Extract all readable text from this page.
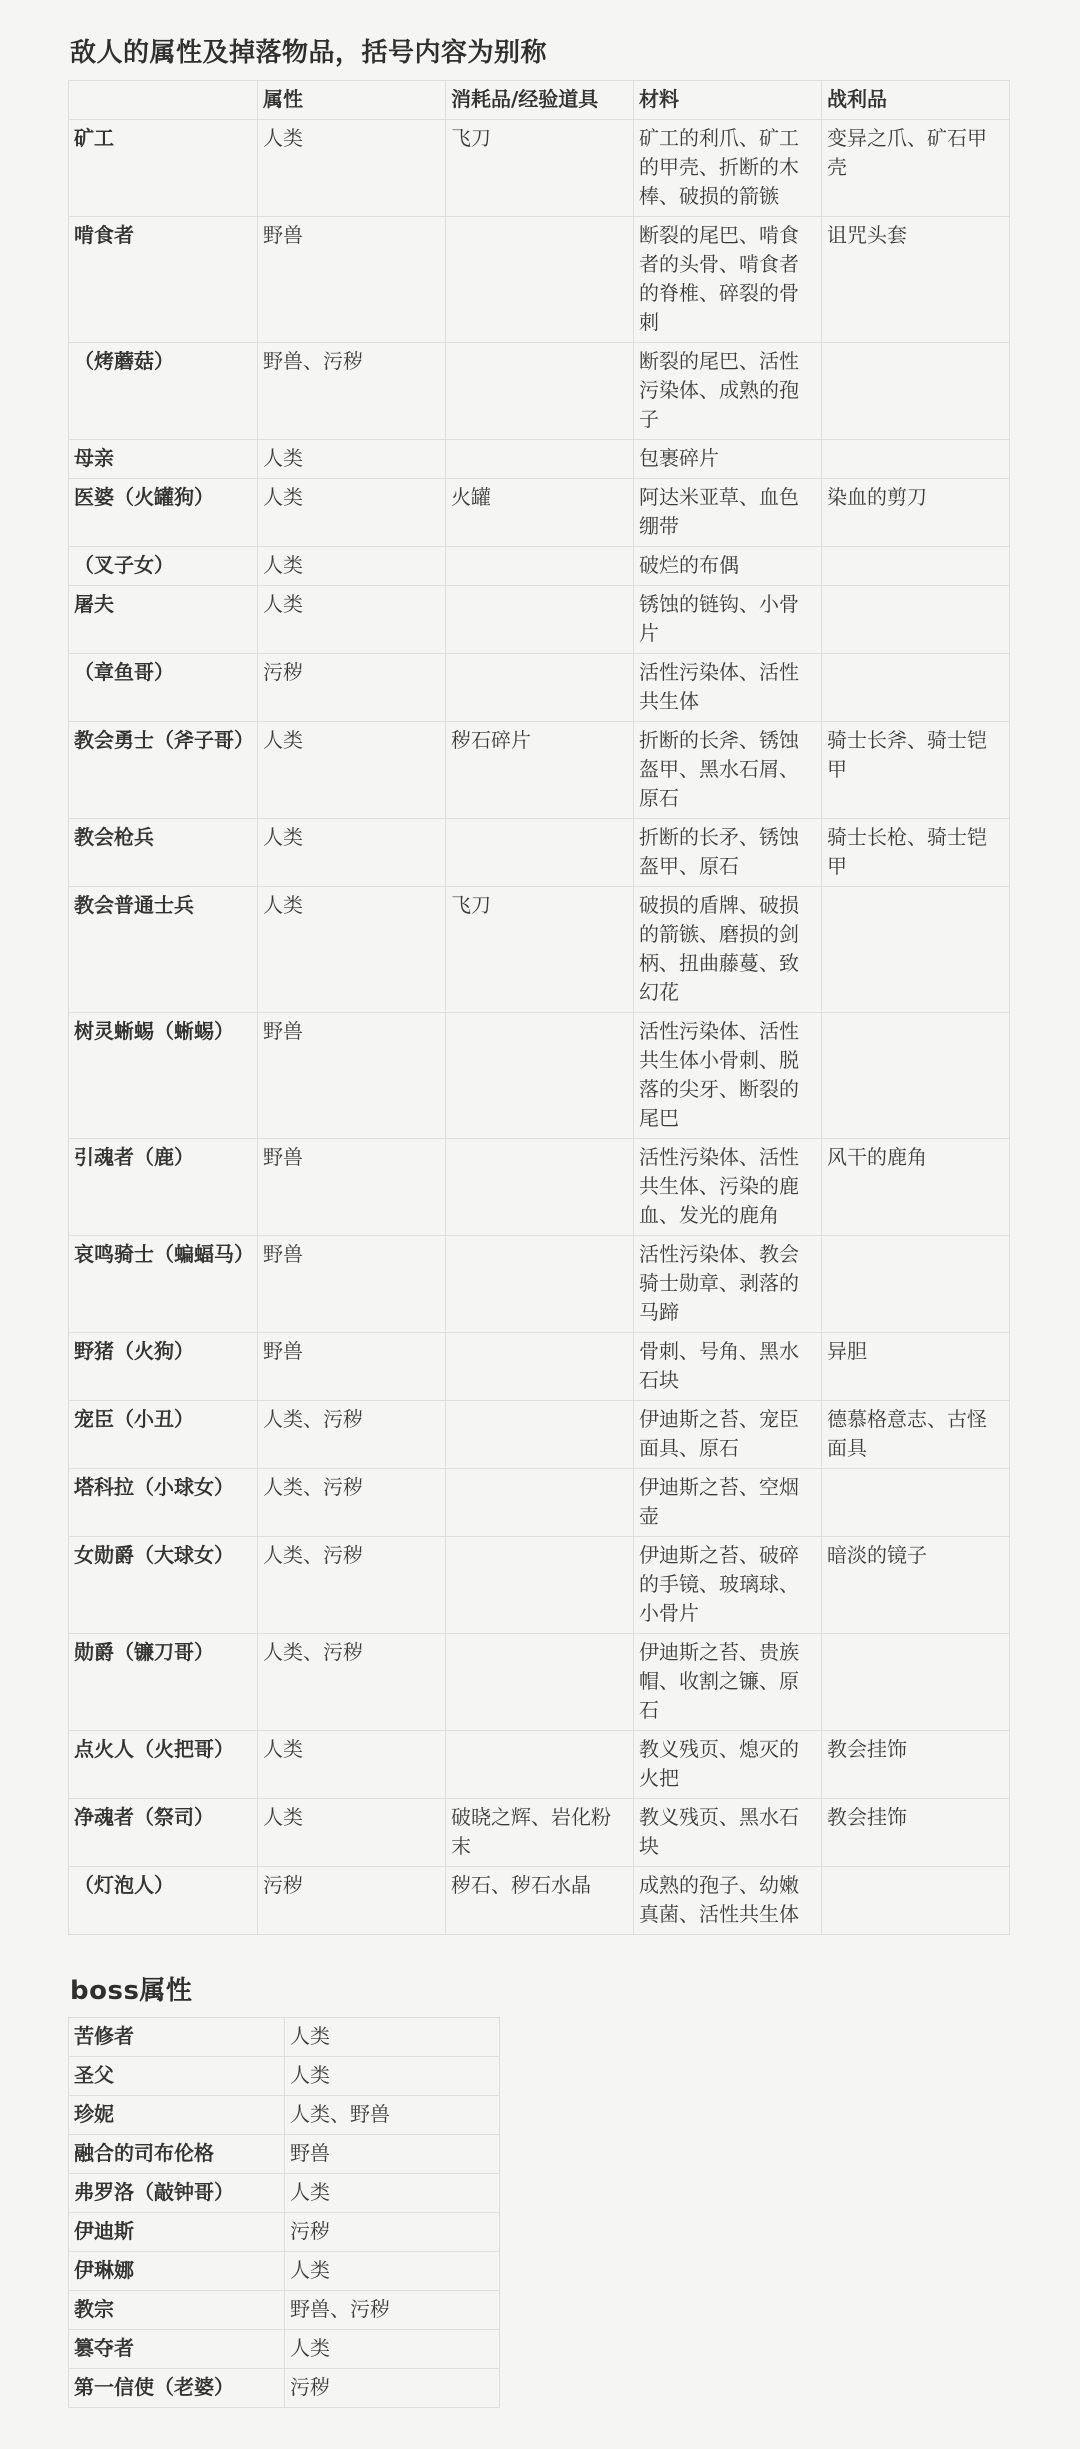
敌人的属性及掉落物品，括号内容为别称
	属性	消耗品/经验道具	材料	战利品
矿工	人类	飞刀	矿工的利爪、矿工的甲壳、折断的木棒、破损的箭镞	变异之爪、矿石甲壳
啃食者	野兽		断裂的尾巴、啃食者的头骨、啃食者的脊椎、碎裂的骨刺	诅咒头套
（烤蘑菇）	野兽、污秽		断裂的尾巴、活性污染体、成熟的孢子	
母亲	人类		包裹碎片	
医婆（火罐狗）	人类	火罐	阿达米亚草、血色绷带	染血的剪刀
（叉子女）	人类		破烂的布偶	
屠夫	人类		锈蚀的链钩、小骨片	
（章鱼哥）	污秽		活性污染体、活性共生体	
教会勇士（斧子哥）	人类	秽石碎片	折断的长斧、锈蚀盔甲、黑水石屑、原石	骑士长斧、骑士铠甲
教会枪兵	人类		折断的长矛、锈蚀盔甲、原石	骑士长枪、骑士铠甲
教会普通士兵	人类	飞刀	破损的盾牌、破损的箭镞、磨损的剑柄、扭曲藤蔓、致幻花	
树灵蜥蜴（蜥蜴）	野兽		活性污染体、活性共生体小骨刺、脱落的尖牙、断裂的尾巴	
引魂者（鹿）	野兽		活性污染体、活性共生体、污染的鹿血、发光的鹿角	风干的鹿角
哀鸣骑士（蝙蝠马）	野兽		活性污染体、教会骑士勋章、剥落的马蹄	
野猪（火狗）	野兽		骨刺、号角、黑水石块	异胆
宠臣（小丑）	人类、污秽		伊迪斯之苔、宠臣面具、原石	德慕格意志、古怪面具
塔科拉（小球女）	人类、污秽		伊迪斯之苔、空烟壶	
女勋爵（大球女）	人类、污秽		伊迪斯之苔、破碎的手镜、玻璃球、小骨片	暗淡的镜子
勋爵（镰刀哥）	人类、污秽		伊迪斯之苔、贵族帽、收割之镰、原石	
点火人（火把哥）	人类		教义残页、熄灭的火把	教会挂饰
净魂者（祭司）	人类	破晓之辉、岩化粉末	教义残页、黑水石块	教会挂饰
（灯泡人）	污秽	秽石、秽石水晶	成熟的孢子、幼嫩真菌、活性共生体	
boss属性
苦修者	人类
圣父	人类
珍妮	人类、野兽
融合的司布伦格	野兽
弗罗洛（敲钟哥）	人类
伊迪斯	污秽
伊琳娜	人类
教宗	野兽、污秽
篡夺者	人类
第一信使（老婆）	污秽
